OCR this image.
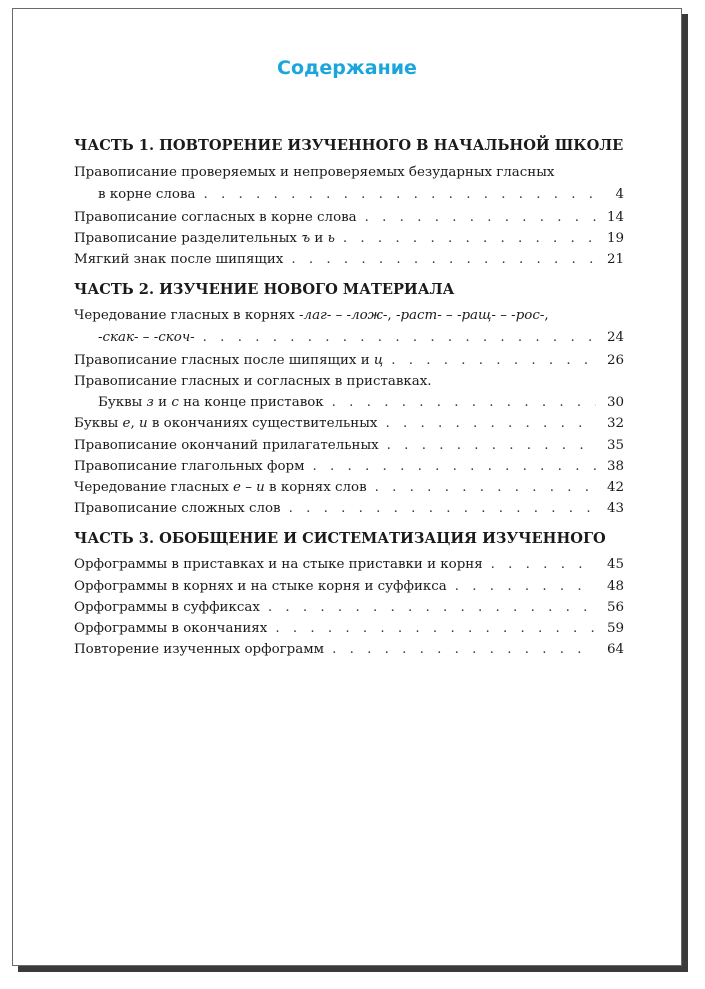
Содержание
ЧАСТЬ 1. ПОВТОРЕНИЕ ИЗУЧЕННОГО В НАЧАЛЬНОЙ ШКОЛЕ
Правописание проверяемых и непроверяемых безударных гласных
в корне слова . . .	4
Правописание согласных в корне слова . . .	14
Правописание разделительных ъ и ь . . .	19
Мягкий знак после шипящих . . .	21
ЧАСТЬ 2. ИЗУЧЕНИЕ НОВОГО МАТЕРИАЛА
Чередование гласных в корнях -лаг- – -лож-, -раст- – -ращ- – -рос-,
-скак- – -скоч- . . .	24
Правописание гласных после шипящих и ц . . .	26
Правописание гласных и согласных в приставках.
Буквы з и с на конце приставок . . .	30
Буквы е, и в окончаниях существительных . . .	32
Правописание окончаний прилагательных . . .	35
Правописание глагольных форм . . .	38
Чередование гласных е – и в корнях слов . . .	42
Правописание сложных слов . . .	43
ЧАСТЬ 3. ОБОБЩЕНИЕ И СИСТЕМАТИЗАЦИЯ ИЗУЧЕННОГО
Орфограммы в приставках и на стыке приставки и корня . . .	45
Орфограммы в корнях и на стыке корня и суффикса . . .	48
Орфограммы в суффиксах . . .	56
Орфограммы в окончаниях . . .	59
Повторение изученных орфограмм . . .	64
